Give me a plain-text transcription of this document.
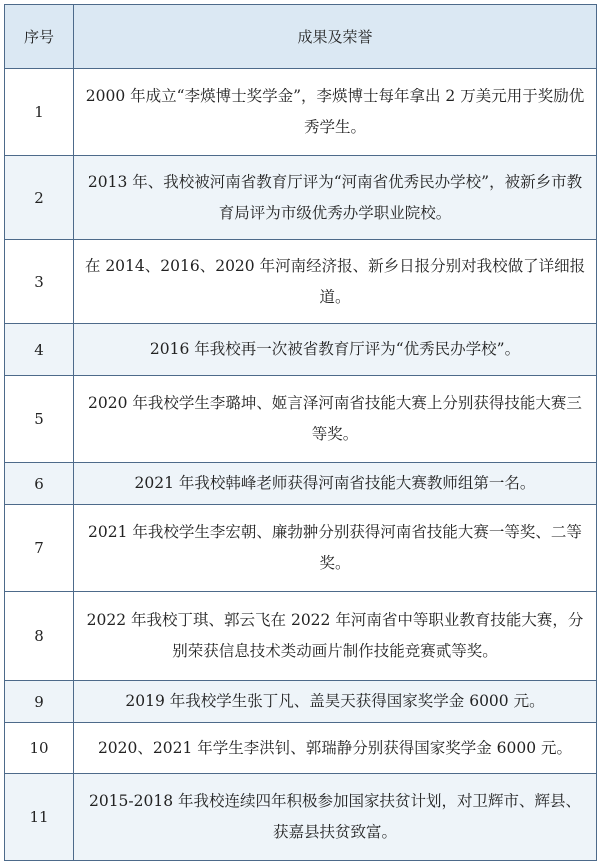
序号	成果及荣誉
1	2000 年成立“李煐博士奖学金”，李煐博士每年拿出 2 万美元用于奖励优秀学生。
2	2013 年、我校被河南省教育厅评为“河南省优秀民办学校”，被新乡市教育局评为市级优秀办学职业院校。
3	在 2014、2016、2020 年河南经济报、新乡日报分别对我校做了详细报道。
4	2016 年我校再一次被省教育厅评为“优秀民办学校”。
5	2020 年我校学生李璐坤、姬言泽河南省技能大赛上分别获得技能大赛三等奖。
6	2021 年我校韩峰老师获得河南省技能大赛教师组第一名。
7	2021 年我校学生李宏朝、廉勃翀分别获得河南省技能大赛一等奖、二等奖。
8	2022 年我校丁琪、郭云飞在 2022 年河南省中等职业教育技能大赛，分别荣获信息技术类动画片制作技能竞赛贰等奖。
9	2019 年我校学生张丁凡、盖昊天获得国家奖学金 6000 元。
10	2020、2021 年学生李洪钊、郭瑞静分别获得国家奖学金 6000 元。
11	2015-2018 年我校连续四年积极参加国家扶贫计划，对卫辉市、辉县、获嘉县扶贫致富。
